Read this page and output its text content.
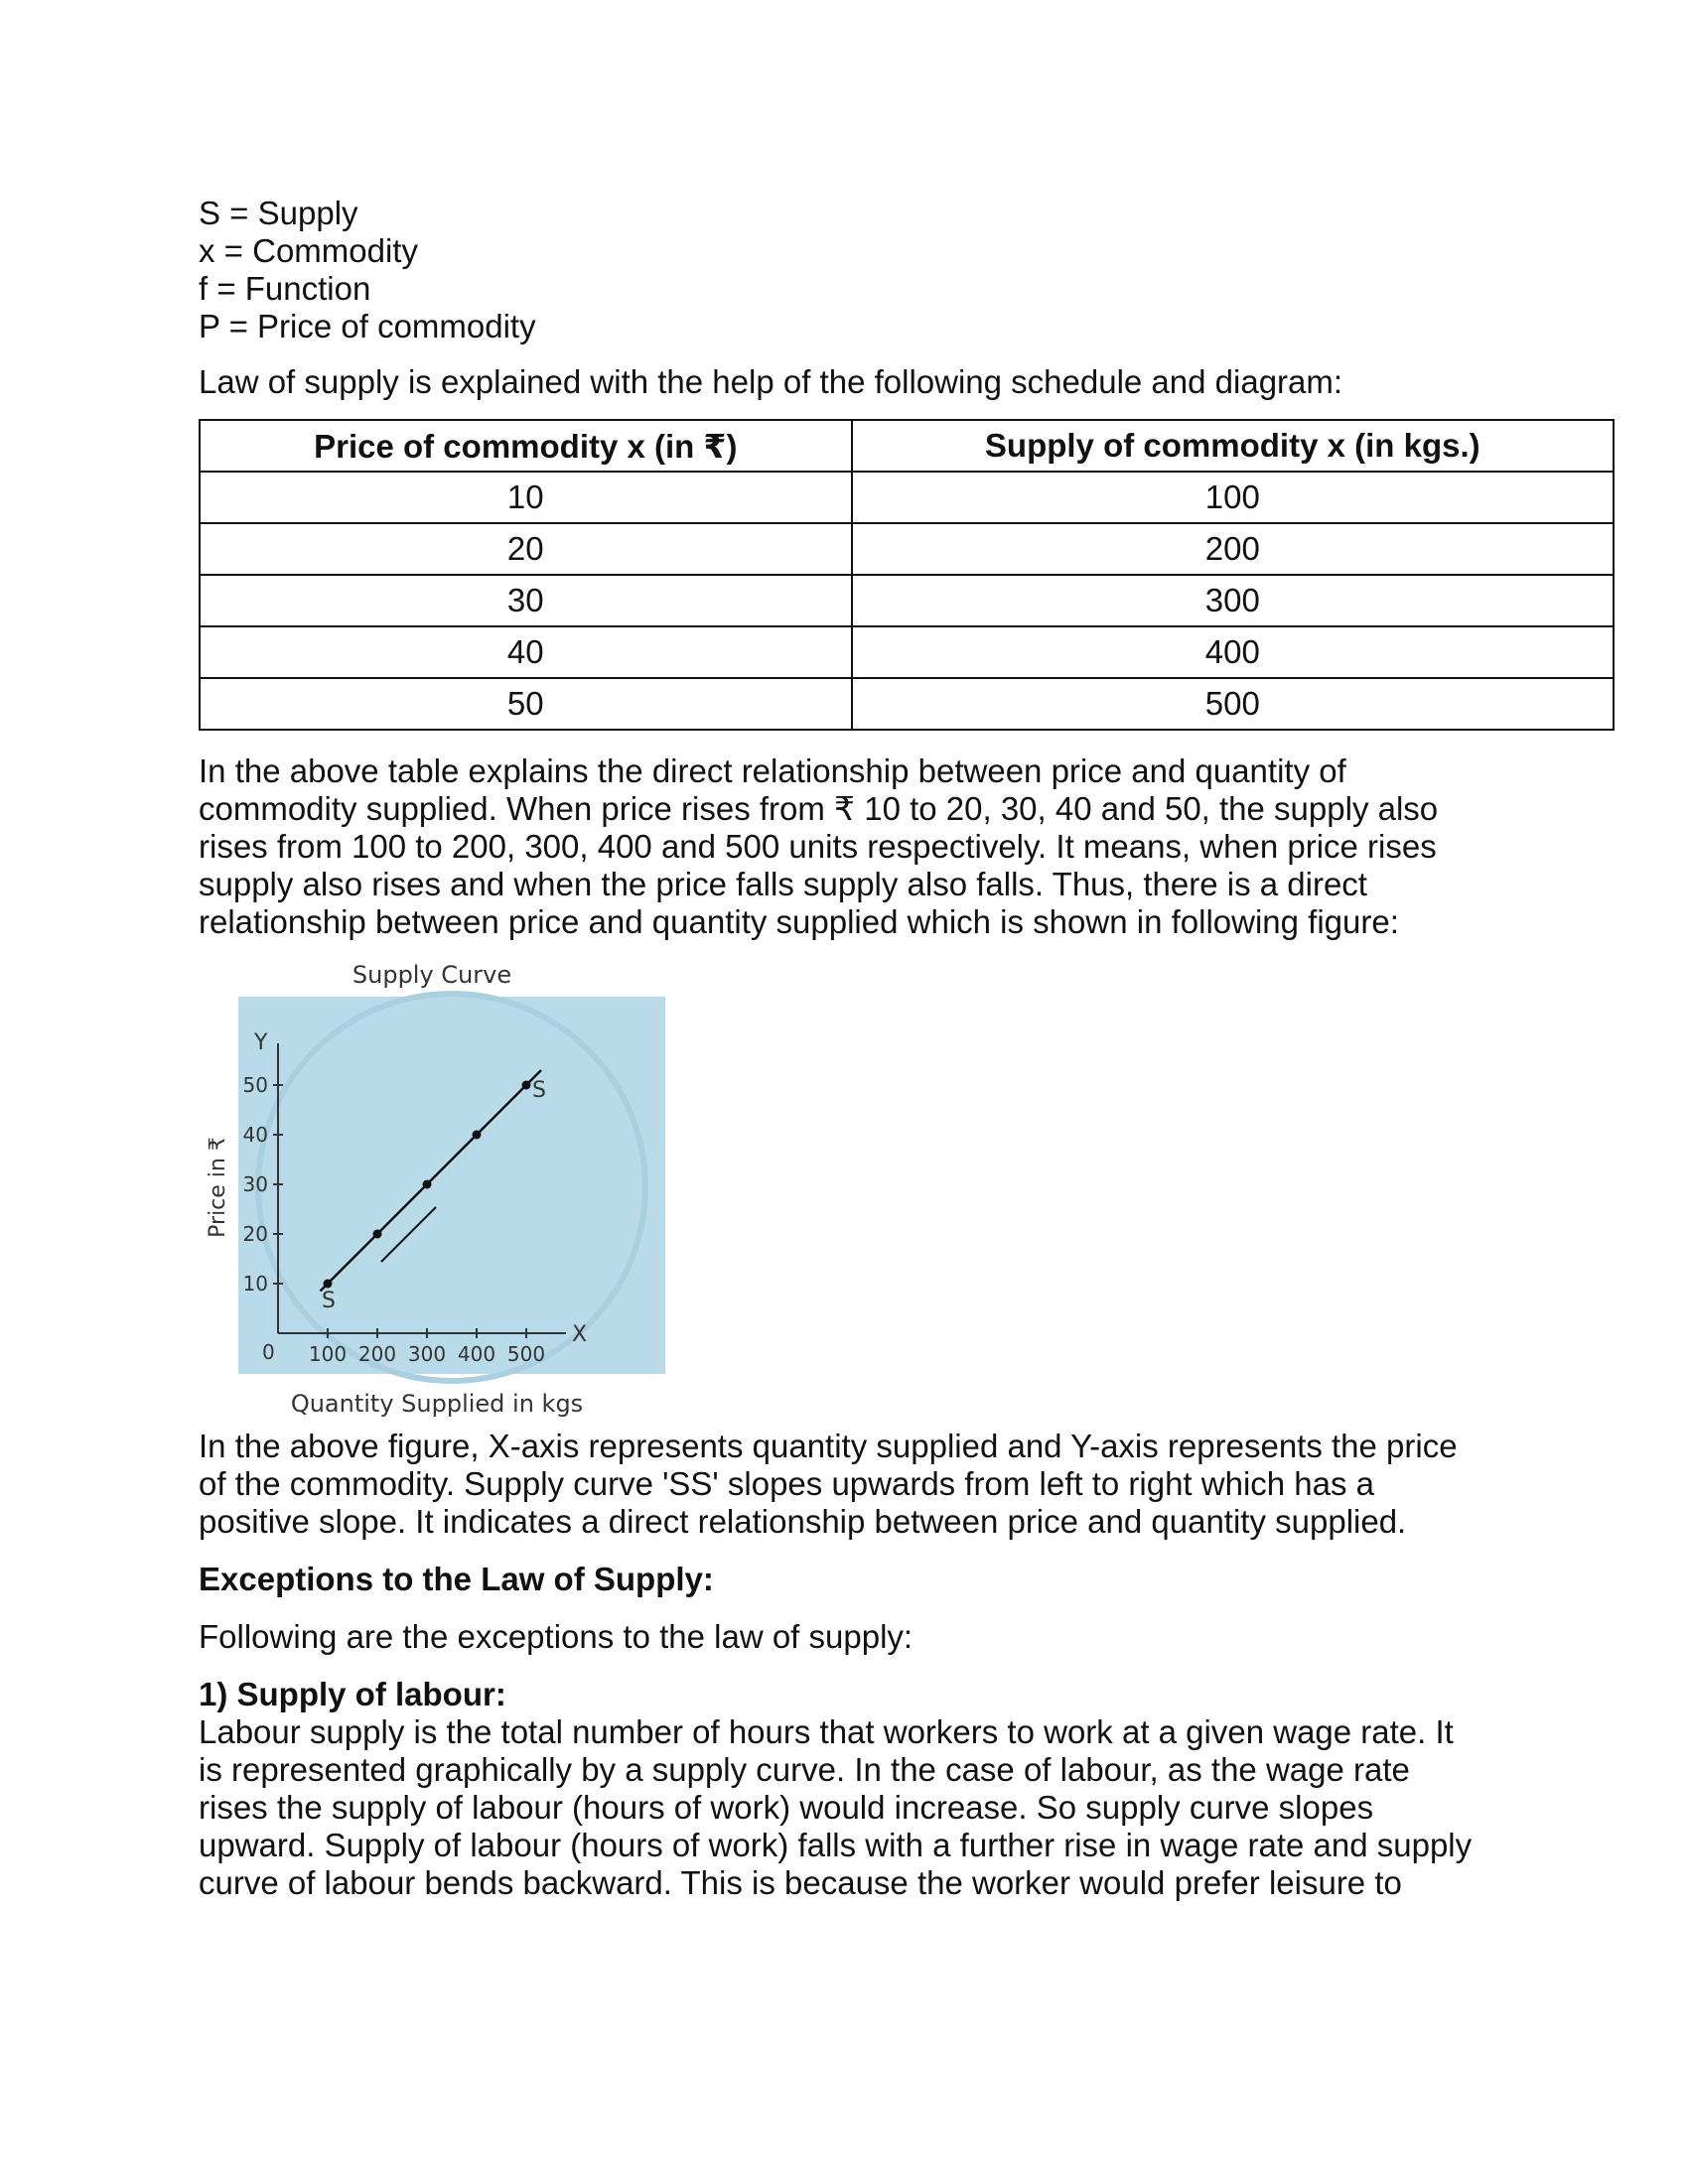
S = Supply

x = Commodity

f = Function

P = Price of commodity

Law of supply is explained with the help of the following schedule and diagram:

Price of commodity x (in ₹)	Supply of commodity x (in kgs.)
10	100
20	200
30	300
40	400
50	500

In the above table explains the direct relationship between price and quantity of

commodity supplied. When price rises from ₹ 10 to 20, 30, 40 and 50, the supply also

rises from 100 to 200, 300, 400 and 500 units respectively. It means, when price rises

supply also rises and when the price falls supply also falls. Thus, there is a direct

relationship between price and quantity supplied which is shown in following figure:

Supply Curve
Quantity Supplied in kgs
Price in ₹
X
Y
0 100 200 300 400 500
10
20
30
40
50
S
S

In the above figure, X-axis represents quantity supplied and Y-axis represents the price

of the commodity. Supply curve 'SS' slopes upwards from left to right which has a

positive slope. It indicates a direct relationship between price and quantity supplied.

Exceptions to the Law of Supply:

Following are the exceptions to the law of supply:

1) Supply of labour:

Labour supply is the total number of hours that workers to work at a given wage rate. It

is represented graphically by a supply curve. In the case of labour, as the wage rate

rises the supply of labour (hours of work) would increase. So supply curve slopes

upward. Supply of labour (hours of work) falls with a further rise in wage rate and supply

curve of labour bends backward. This is because the worker would prefer leisure to
